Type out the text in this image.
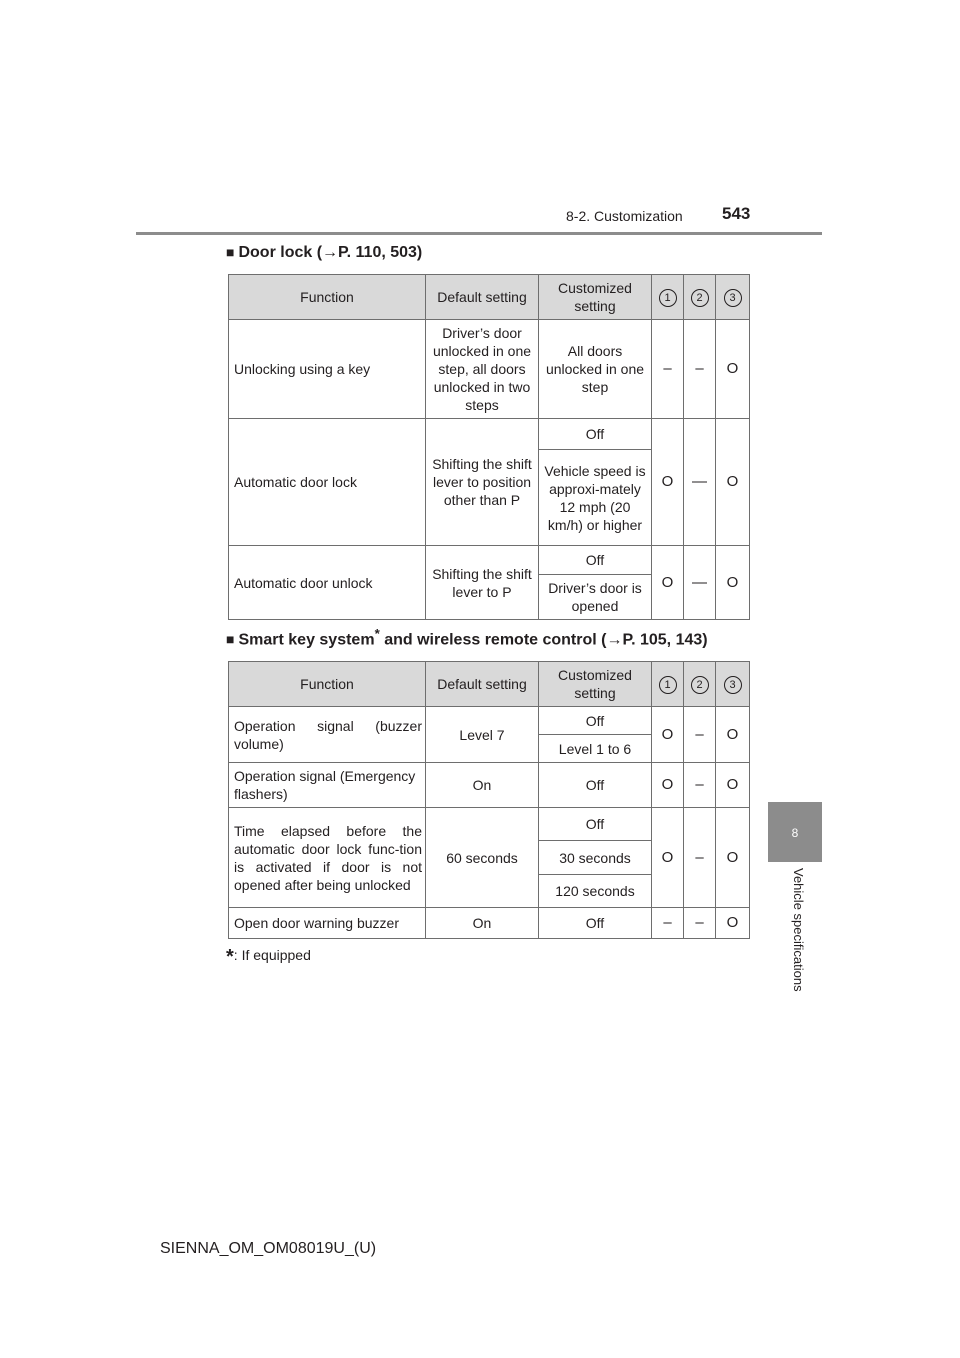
8-2. Customization 543
8
Vehicle specifications
■ Door lock (→P. 110, 503)
Function	Default setting	Customized setting	1	2	3
Unlocking using a key	Driver’s door unlocked in one step, all doors unlocked in two steps	All doors unlocked in one step	–	–	O
Automatic door lock	Shifting the shift lever to position other than P	Off	O	—	O
		Vehicle speed is approxi-mately 12 mph (20 km/h) or higher			
Automatic door unlock	Shifting the shift lever to P	Off	O	—	O
		Driver’s door is opened			
■ Smart key system* and wireless remote control (→P. 105, 143)
Function	Default setting	Customized setting	1	2	3
Operation signal (buzzer volume)	Level 7	Off	O	–	O
		Level 1 to 6			
Operation signal (Emergency flashers)	On	Off	O	–	O
Time elapsed before the automatic door lock func-tion is activated if door is not opened after being unlocked	60 seconds	Off	O	–	O
		30 seconds			
		120 seconds			
Open door warning buzzer	On	Off	–	–	O
*: If equipped
SIENNA_OM_OM08019U_(U)
